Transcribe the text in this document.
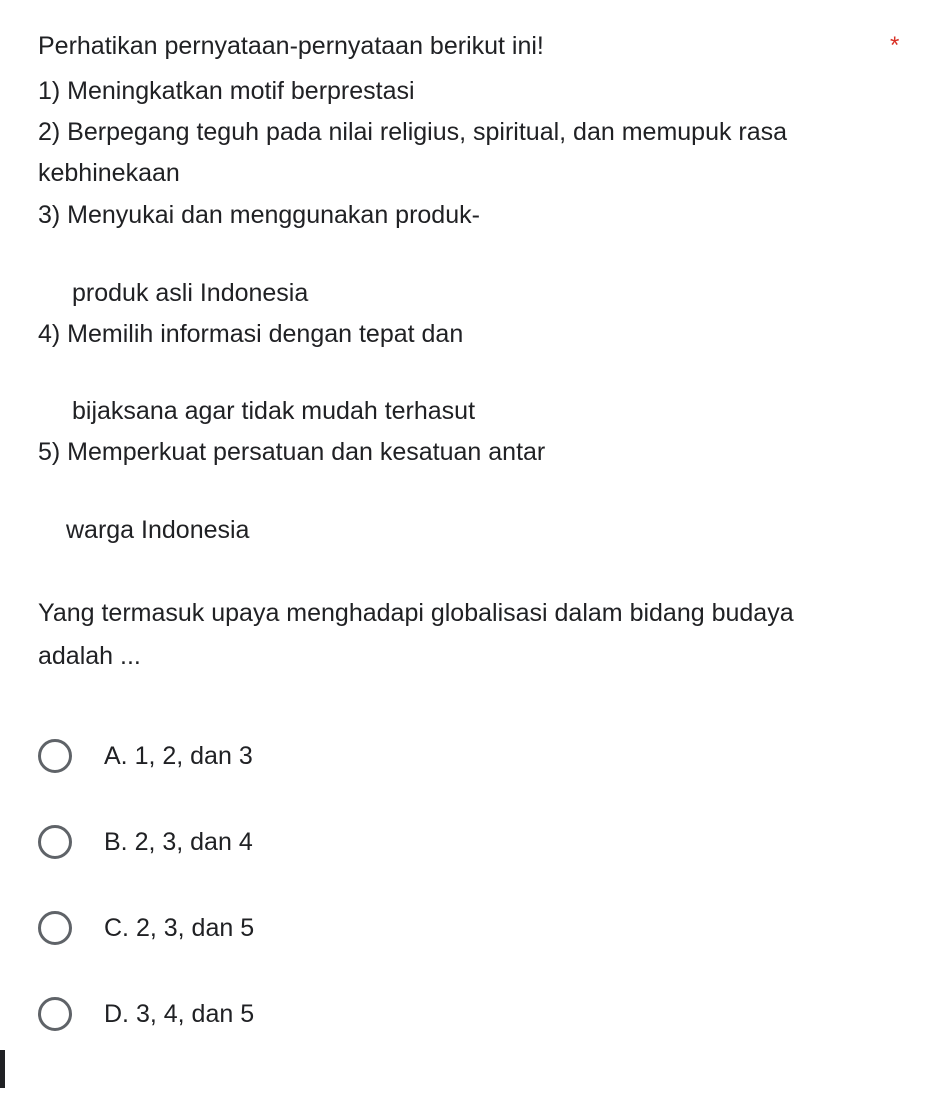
Perhatikan pernyataan-pernyataan berikut ini!	*
1) Meningkatkan motif berprestasi
2) Berpegang teguh pada nilai religius, spiritual, dan memupuk rasa
kebhinekaan
3) Menyukai dan menggunakan produk-
produk asli Indonesia
4) Memilih informasi dengan tepat dan
bijaksana agar tidak mudah terhasut
5) Memperkuat persatuan dan kesatuan antar
warga Indonesia
Yang termasuk upaya menghadapi globalisasi dalam bidang budaya
adalah ...
A. 1, 2, dan 3
B. 2, 3, dan 4
C. 2, 3, dan 5
D. 3, 4, dan 5
